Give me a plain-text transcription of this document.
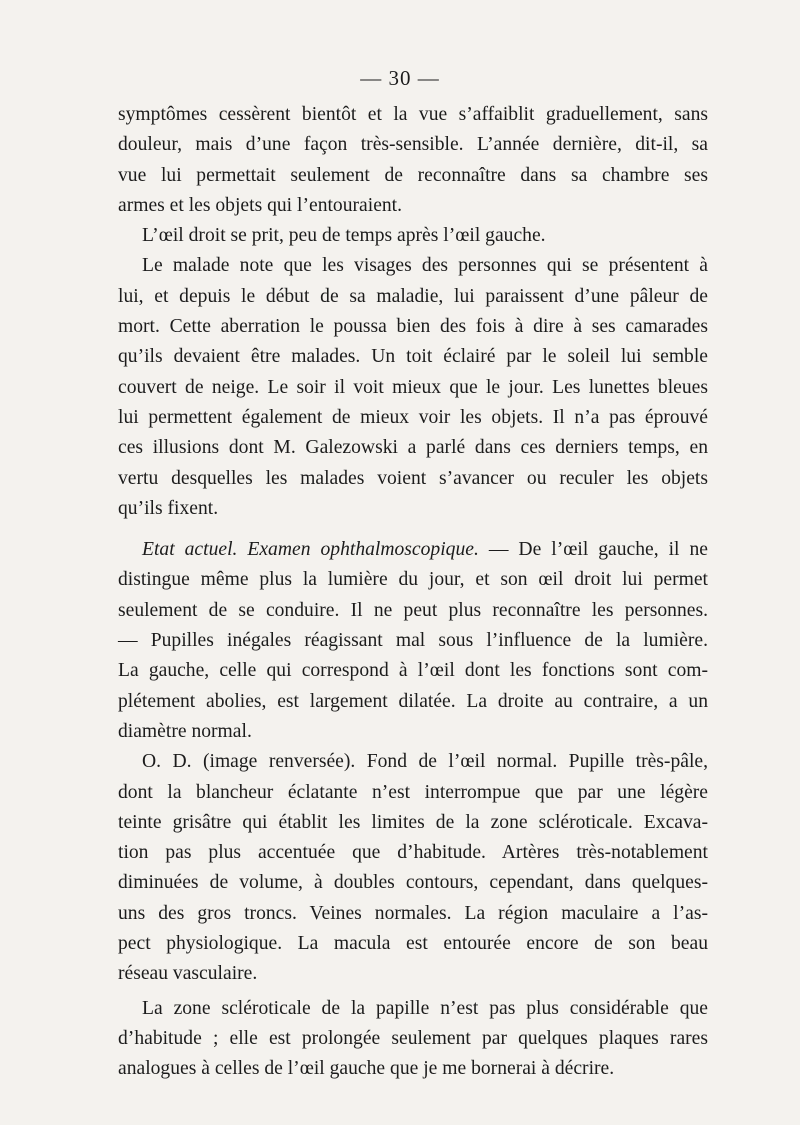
— 30 —
symptômes cessèrent bientôt et la vue s’affaiblit graduellement, sans
douleur, mais d’une façon très-sensible. L’année dernière, dit-il, sa
vue lui permettait seulement de reconnaître dans sa chambre ses
armes et les objets qui l’entouraient.
L’œil droit se prit, peu de temps après l’œil gauche.
Le malade note que les visages des personnes qui se présentent à
lui, et depuis le début de sa maladie, lui paraissent d’une pâleur de
mort. Cette aberration le poussa bien des fois à dire à ses camarades
qu’ils devaient être malades. Un toit éclairé par le soleil lui semble
couvert de neige. Le soir il voit mieux que le jour. Les lunettes bleues
lui permettent également de mieux voir les objets. Il n’a pas éprouvé
ces illusions dont M. Galezowski a parlé dans ces derniers temps, en
vertu desquelles les malades voient s’avancer ou reculer les objets
qu’ils fixent.
Etat actuel. Examen ophthalmoscopique. — De l’œil gauche, il ne
distingue même plus la lumière du jour, et son œil droit lui permet
seulement de se conduire. Il ne peut plus reconnaître les personnes.
— Pupilles inégales réagissant mal sous l’influence de la lumière.
La gauche, celle qui correspond à l’œil dont les fonctions sont com-
plétement abolies, est largement dilatée. La droite au contraire, a un
diamètre normal.
O. D. (image renversée). Fond de l’œil normal. Pupille très-pâle,
dont la blancheur éclatante n’est interrompue que par une légère
teinte grisâtre qui établit les limites de la zone scléroticale. Excava-
tion pas plus accentuée que d’habitude. Artères très-notablement
diminuées de volume, à doubles contours, cependant, dans quelques-
uns des gros troncs. Veines normales. La région maculaire a l’as-
pect physiologique. La macula est entourée encore de son beau
réseau vasculaire.
La zone scléroticale de la papille n’est pas plus considérable que
d’habitude ; elle est prolongée seulement par quelques plaques rares
analogues à celles de l’œil gauche que je me bornerai à décrire.
